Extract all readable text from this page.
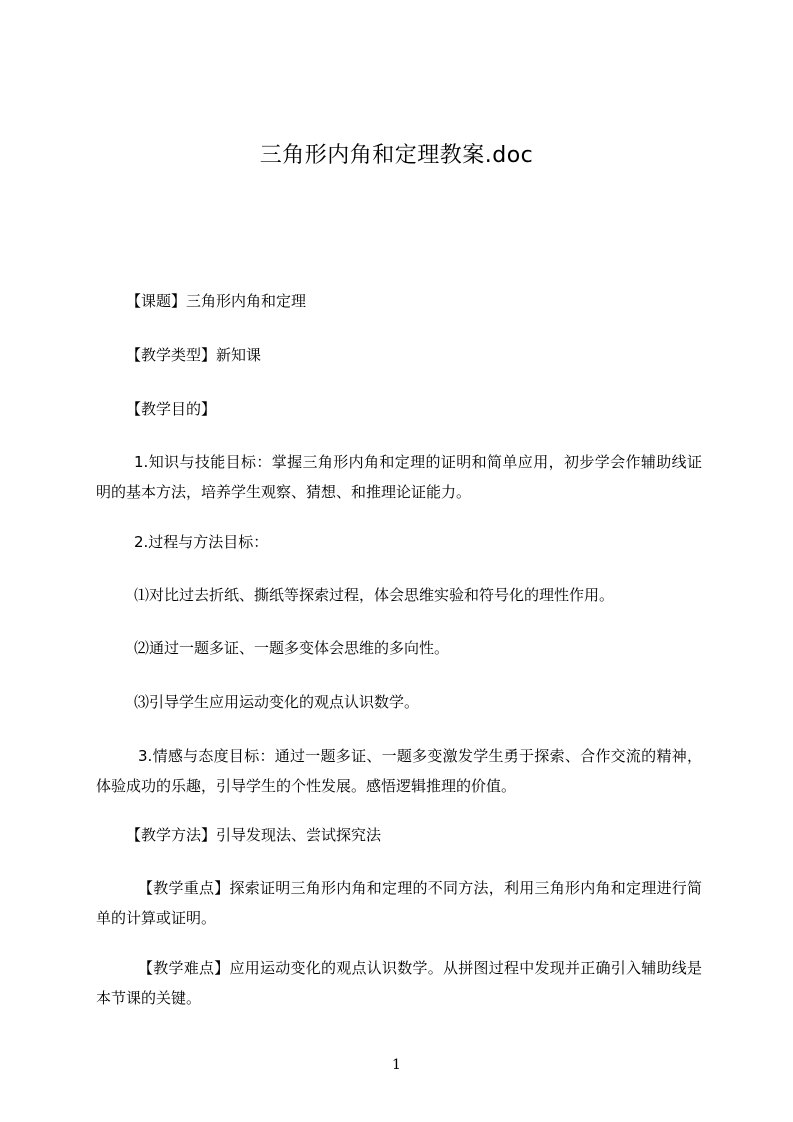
三角形内角和定理教案.doc
【课题】三角形内角和定理
【教学类型】新知课
【教学目的】
1.知识与技能目标：掌握三角形内角和定理的证明和简单应用，初步学会作辅助线证明的基本方法，培养学生观察、猜想、和推理论证能力。
2.过程与方法目标：
⑴对比过去折纸、撕纸等探索过程，体会思维实验和符号化的理性作用。
⑵通过一题多证、一题多变体会思维的多向性。
⑶引导学生应用运动变化的观点认识数学。
3.情感与态度目标：通过一题多证、一题多变激发学生勇于探索、合作交流的精神，体验成功的乐趣，引导学生的个性发展。感悟逻辑推理的价值。
【教学方法】引导发现法、尝试探究法
【教学重点】探索证明三角形内角和定理的不同方法，利用三角形内角和定理进行简单的计算或证明。
【教学难点】应用运动变化的观点认识数学。从拼图过程中发现并正确引入辅助线是本节课的关键。
1
